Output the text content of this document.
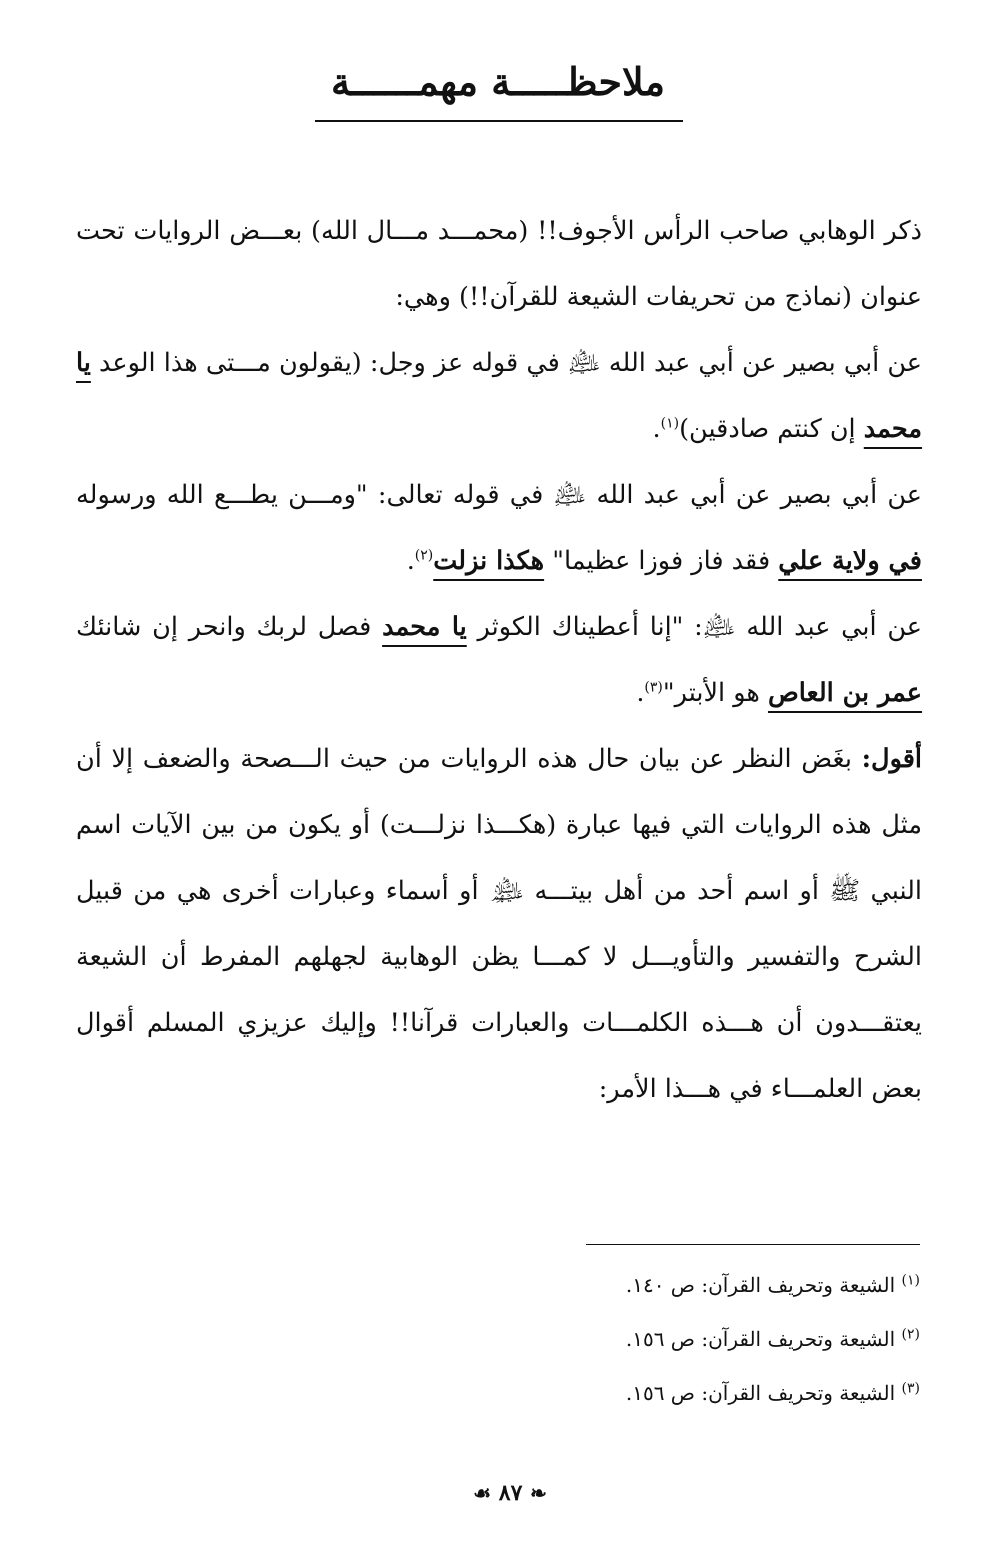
ملاحظـــــة مهمــــــة

ذكر الوهابي صاحب الرأس الأجوف!! (محمـــد مـــال الله) بعـــض الروايات تحت عنوان (نماذج من تحريفات الشيعة للقرآن!!) وهي:

عن أبي بصير عن أبي عبد الله ﵇ في قوله عز وجل: (يقولون مـــتى هذا الوعد يا محمد إن كنتم صادقين)$^{(١)}$.

عن أبي بصير عن أبي عبد الله ﵇ في قوله تعالى: "ومـــن يطـــع الله ورسوله في ولاية علي فقد فاز فوزا عظيما" هكذا نزلت$^{(٢)}$.

عن أبي عبد الله ﵇: "إنا أعطيناك الكوثر يا محمد فصل لربك وانحر إن شانئك عمر بن العاص هو الأبتر"$^{(٣)}$.

أقول: بغَض النظر عن بيان حال هذه الروايات من حيث الـــصحة والضعف إلا أن مثل هذه الروايات التي فيها عبارة (هكـــذا نزلـــت) أو يكون من بين الآيات اسم النبي ﷺ أو اسم أحد من أهل بيتـــه ﵈ أو أسماء وعبارات أخرى هي من قبيل الشرح والتفسير والتأويـــل لا كمـــا يظن الوهابية لجهلهم المفرط أن الشيعة يعتقـــدون أن هـــذه الكلمـــات والعبارات قرآنا!! وإليك عزيزي المسلم أقوال بعض العلمـــاء في هـــذا الأمر:

$^{(١)}$ الشيعة وتحريف القرآن: ص ١٤٠.
$^{(٢)}$ الشيعة وتحريف القرآن: ص ١٥٦.
$^{(٣)}$ الشيعة وتحريف القرآن: ص ١٥٦.
❧ ٨٧ ☙
